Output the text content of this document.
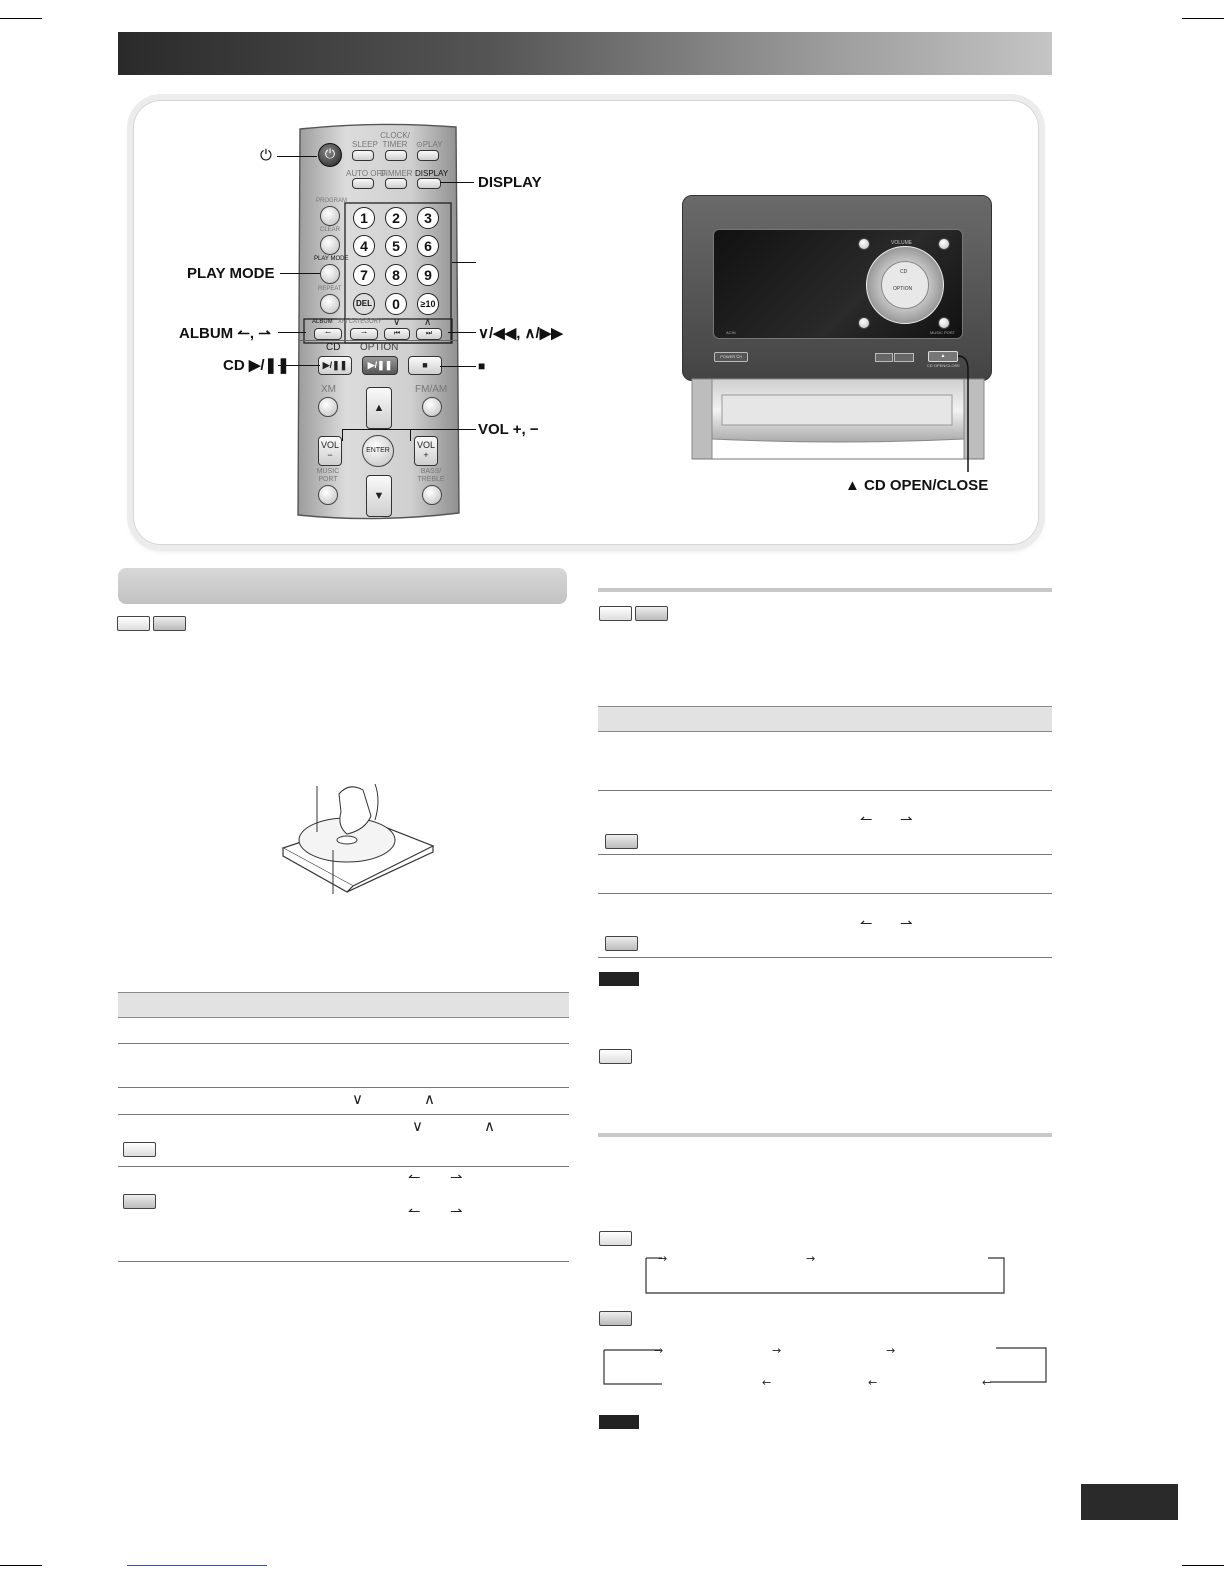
⏻
SLEEP
CLOCK/ TIMER	⊙PLAY
AUTO OFF
DIMMER DISPLAY
PROGRAM
CLEAR
PLAY MODE
REPEAT
1	2	3
4	5	6
7	8	9
DEL	0	≥10
ALBUM XM CATEGORY
↼	⇀
∨ ∧
⏮	⏭
CD OPTION
▶/❚❚	▶/❚❚	■
XM	FM/AM
▲
▼
VOL
−
VOL
+
ENTER
MUSIC PORT
BASS/ TREBLE
⏻
DISPLAY
PLAY MODE
ALBUM ↼, ⇀	∨/◀◀, ∧/▶▶
CD ▶/❚❚	■
VOL +, −
VOLUME
CD
OPTION
MUSIC PORT
ACIN
POWER ⏻/I	▲
CD OPEN/CLOSE
▲ CD OPEN/CLOSE
∨	∧
∨	∧
↼ ⇀
↼ ⇀
↼ ⇀
↼ ⇀
→	→
→	→	→
←
←	←
